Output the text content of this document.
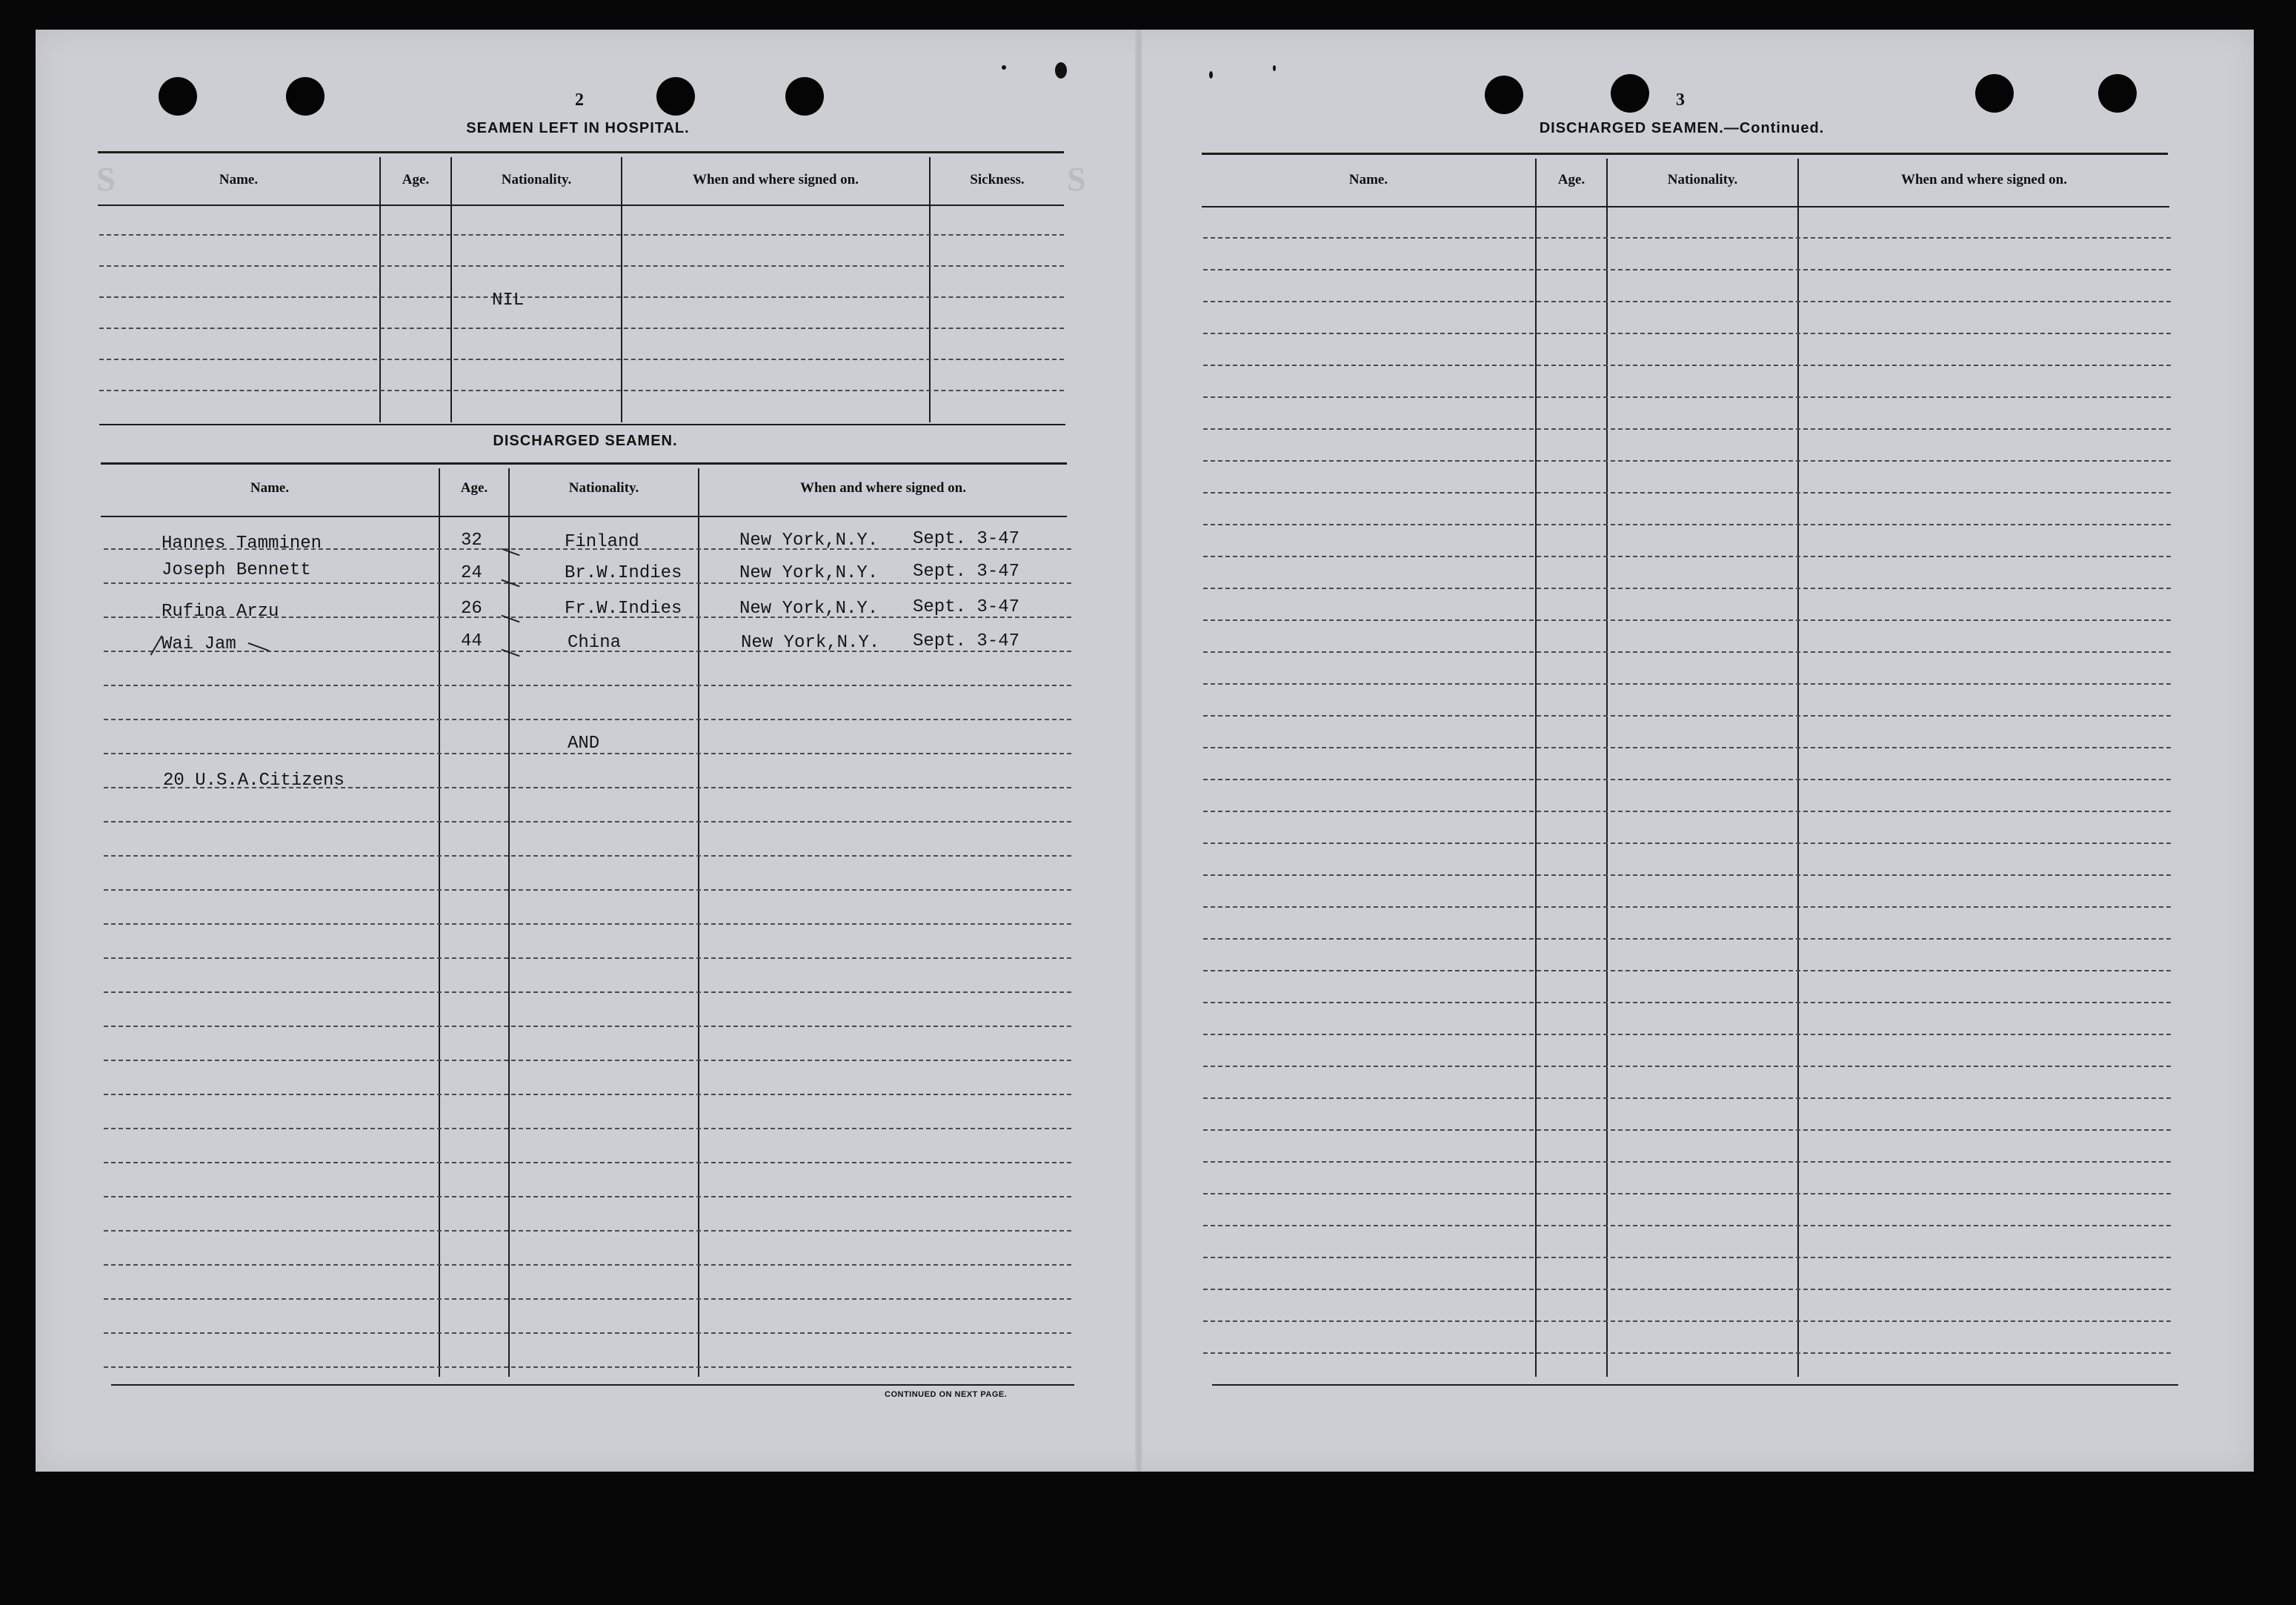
S	S
2
SEAMEN LEFT IN HOSPITAL.
Name.	Age.	Nationality.	When and where signed on.	Sickness.
NIL
DISCHARGED SEAMEN.
Name.	Age.	Nationality.	When and where signed on.
Hannes Tamminen	32	Finland	New York,N.Y. Sept. 3-47
Joseph Bennett	24	Br.W.Indies	New York,N.Y. Sept. 3-47
Rufina Arzu	26	Fr.W.Indies	New York,N.Y. Sept. 3-47
Wai Jam	44	China	New York,N.Y. Sept. 3-47
AND
20 U.S.A.Citizens
CONTINUED ON NEXT PAGE.
3
DISCHARGED SEAMEN.—Continued.
Name.	Age.	Nationality.	When and where signed on.
